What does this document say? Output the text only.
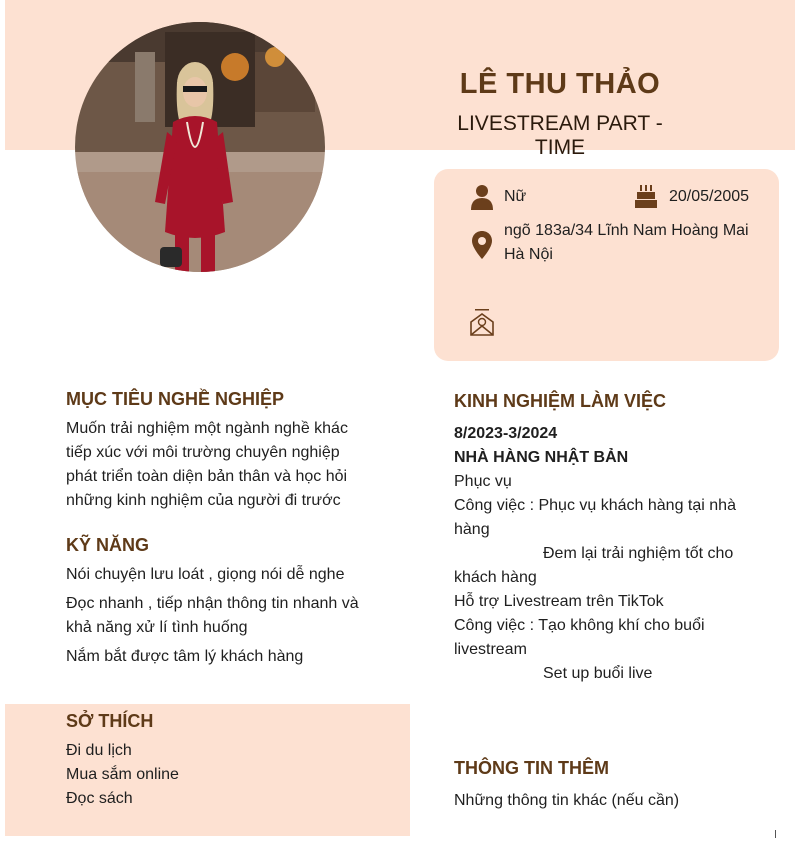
LÊ THU THẢO
LIVESTREAM PART - TIME
Nữ	20/05/2005
ngõ 183a/34 Lĩnh Nam Hoàng Mai
Hà Nội
MỤC TIÊU NGHỀ NGHIỆP
Muốn trải nghiệm một ngành nghề khác
tiếp xúc với môi trường chuyên nghiệp
phát triển toàn diện bản thân và học hỏi
những kinh nghiệm của người đi trước
KỸ NĂNG
Nói chuyện lưu loát , giọng nói dễ nghe
Đọc nhanh , tiếp nhận thông tin nhanh và
khả năng xử lí tình huống
Nắm bắt được tâm lý khách hàng
SỞ THÍCH
Đi du lịch
Mua sắm online
Đọc sách
KINH NGHIỆM LÀM VIỆC
8/2023-3/2024
NHÀ HÀNG NHẬT BẢN
Phục vụ
Công việc : Phục vụ khách hàng tại nhà
hàng
Đem lại trải nghiệm tốt cho
khách hàng
Hỗ trợ Livestream trên TikTok
Công việc : Tạo không khí cho buổi
livestream
Set up buổi live
THÔNG TIN THÊM
Những thông tin khác (nếu cần)
